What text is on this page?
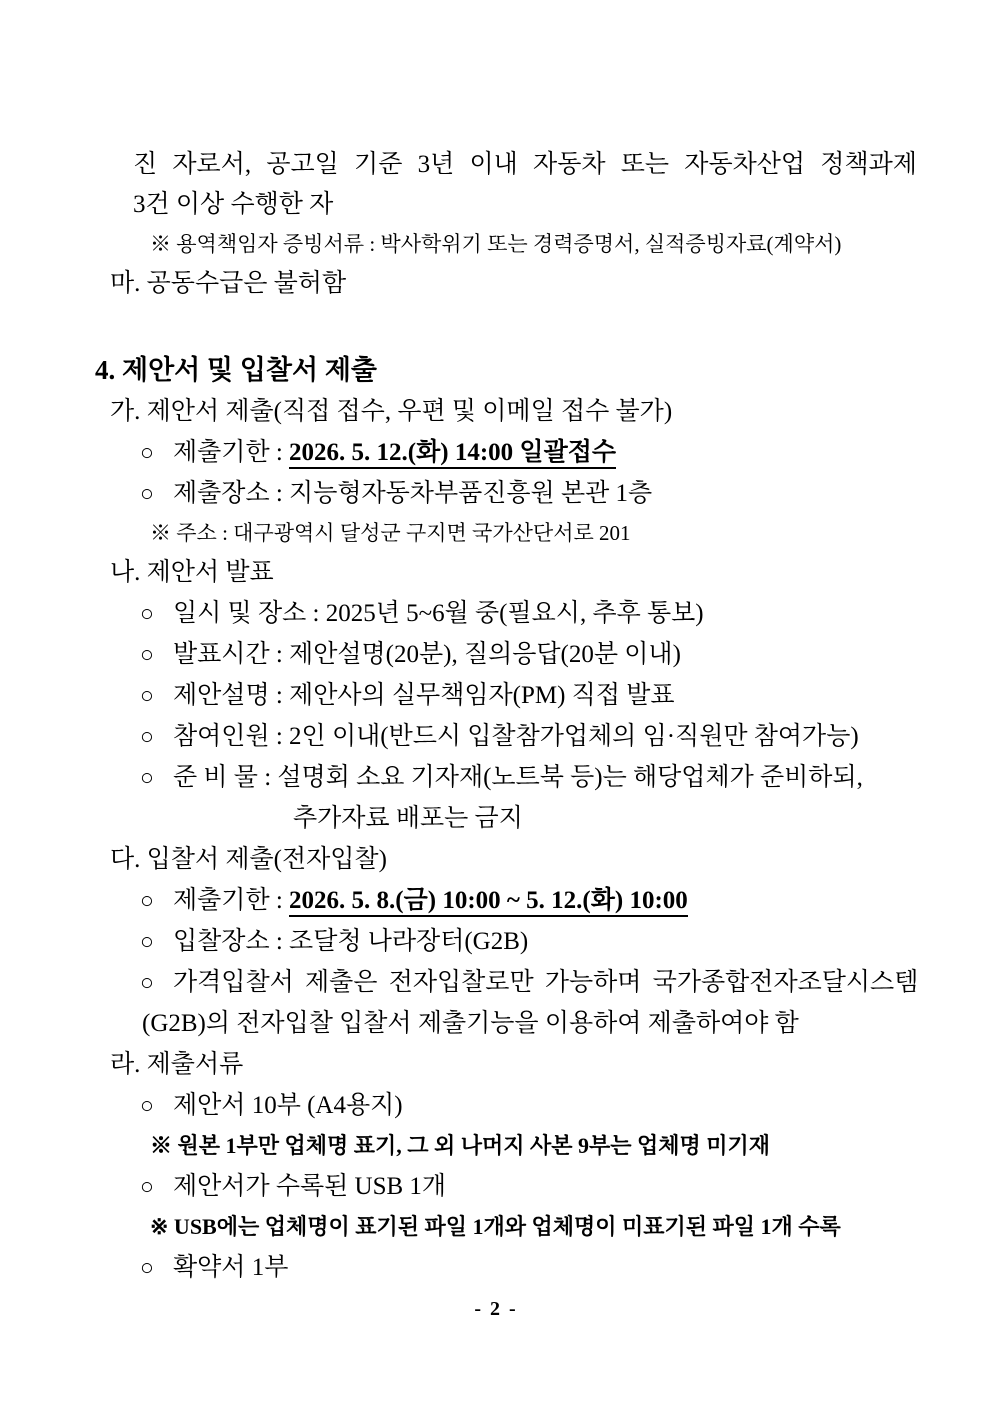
진 자로서, 공고일 기준 3년 이내 자동차 또는 자동차산업 정책과제
3건 이상 수행한 자
※ 용역책임자 증빙서류 : 박사학위기 또는 경력증명서, 실적증빙자료(계약서)
마. 공동수급은 불허함
4. 제안서 및 입찰서 제출
가. 제안서 제출(직접 접수, 우편 및 이메일 접수 불가)
○ 제출기한 : 2026. 5. 12.(화) 14:00 일괄접수
○ 제출장소 : 지능형자동차부품진흥원 본관 1층
※ 주소 : 대구광역시 달성군 구지면 국가산단서로 201
나. 제안서 발표
○ 일시 및 장소 : 2025년 5~6월 중(필요시, 추후 통보)
○ 발표시간 : 제안설명(20분), 질의응답(20분 이내)
○ 제안설명 : 제안사의 실무책임자(PM) 직접 발표
○ 참여인원 : 2인 이내(반드시 입찰참가업체의 임·직원만 참여가능)
○ 준 비 물 : 설명회 소요 기자재(노트북 등)는 해당업체가 준비하되,
추가자료 배포는 금지
다. 입찰서 제출(전자입찰)
○ 제출기한 : 2026. 5. 8.(금) 10:00 ~ 5. 12.(화) 10:00
○ 입찰장소 : 조달청 나라장터(G2B)
○ 가격입찰서 제출은 전자입찰로만 가능하며 국가종합전자조달시스템
(G2B)의 전자입찰 입찰서 제출기능을 이용하여 제출하여야 함
라. 제출서류
○ 제안서 10부 (A4용지)
※ 원본 1부만 업체명 표기, 그 외 나머지 사본 9부는 업체명 미기재
○ 제안서가 수록된 USB 1개
※ USB에는 업체명이 표기된 파일 1개와 업체명이 미표기된 파일 1개 수록
○ 확약서 1부
- 2 -
